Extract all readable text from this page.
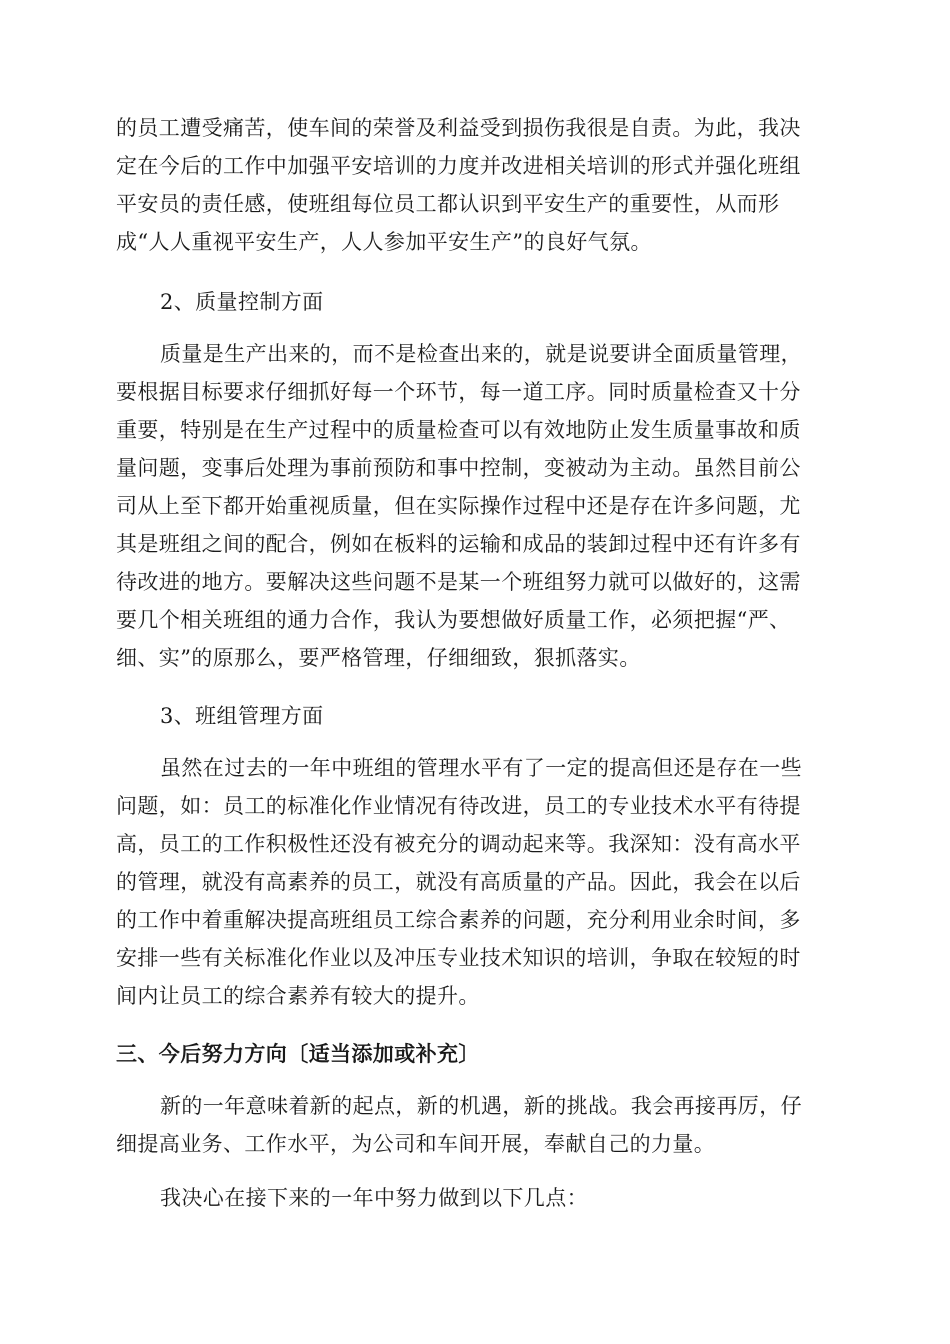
的员工遭受痛苦，使车间的荣誉及利益受到损伤我很是自责。为此，我决
定在今后的工作中加强平安培训的力度并改进相关培训的形式并强化班组
平安员的责任感，使班组每位员工都认识到平安生产的重要性，从而形
成“人人重视平安生产，人人参加平安生产”的良好气氛。
2、质量控制方面
质量是生产出来的，而不是检查出来的，就是说要讲全面质量管理，
要根据目标要求仔细抓好每一个环节，每一道工序。同时质量检查又十分
重要，特别是在生产过程中的质量检查可以有效地防止发生质量事故和质
量问题，变事后处理为事前预防和事中控制，变被动为主动。虽然目前公
司从上至下都开始重视质量，但在实际操作过程中还是存在许多问题，尤
其是班组之间的配合，例如在板料的运输和成品的装卸过程中还有许多有
待改进的地方。要解决这些问题不是某一个班组努力就可以做好的，这需
要几个相关班组的通力合作，我认为要想做好质量工作，必须把握“严、
细、实”的原那么，要严格管理，仔细细致，狠抓落实。
3、班组管理方面
虽然在过去的一年中班组的管理水平有了一定的提高但还是存在一些
问题，如：员工的标准化作业情况有待改进，员工的专业技术水平有待提
高，员工的工作积极性还没有被充分的调动起来等。我深知：没有高水平
的管理，就没有高素养的员工，就没有高质量的产品。因此，我会在以后
的工作中着重解决提高班组员工综合素养的问题，充分利用业余时间，多
安排一些有关标准化作业以及冲压专业技术知识的培训，争取在较短的时
间内让员工的综合素养有较大的提升。
三、今后努力方向〔适当添加或补充〕
新的一年意味着新的起点，新的机遇，新的挑战。我会再接再厉，仔
细提高业务、工作水平，为公司和车间开展，奉献自己的力量。
我决心在接下来的一年中努力做到以下几点：
